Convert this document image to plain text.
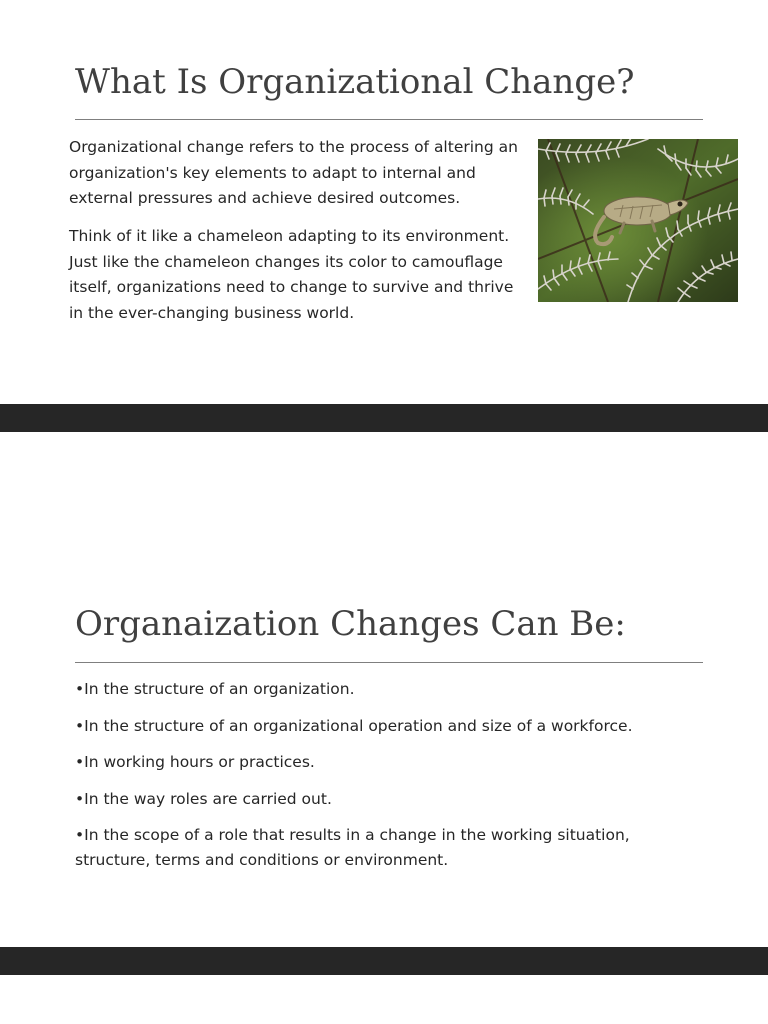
What Is Organizational Change?

Organizational change refers to the process of altering an organization's key elements to adapt to internal and external pressures and achieve desired outcomes.

Think of it like a chameleon adapting to its environment. Just like the chameleon changes its color to camouflage itself, organizations need to change to survive and thrive in the ever-changing business world.

Organaization Changes Can Be:
•In the structure of an organization.
•In the structure of an organizational operation and size of a workforce.
•In working hours or practices.
•In the way roles are carried out.
•In the scope of a role that results in a change in the working situation, structure, terms and conditions or environment.
